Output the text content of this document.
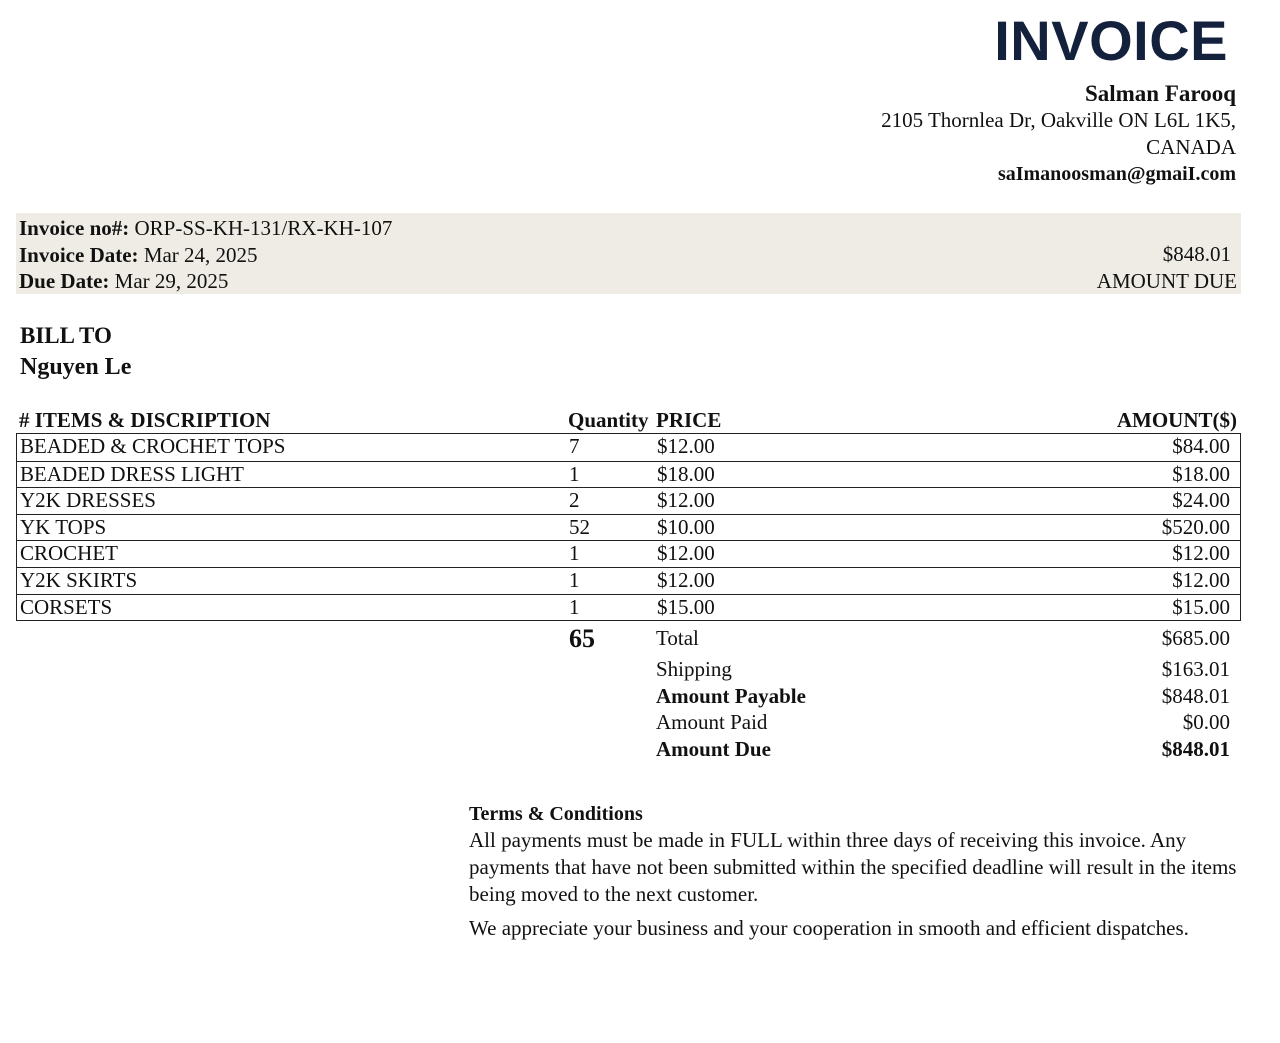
INVOICE
Salman Farooq
2105 Thornlea Dr, Oakville ON L6L 1K5,
CANADA
saImanoosman@gmaiI.com
Invoice no#: ORP-SS-KH-131/RX-KH-107
Invoice Date: Mar 24, 2025
Due Date: Mar 29, 2025
$848.01
AMOUNT DUE
BILL TO
Nguyen Le
# ITEMS & DISCRIPTION	Quantity PRICE	AMOUNT($)
BEADED & CROCHET TOPS	7	$12.00	$84.00
BEADED DRESS LIGHT	1	$18.00	$18.00
Y2K DRESSES	2	$12.00	$24.00
YK TOPS	52	$10.00	$520.00
CROCHET	1	$12.00	$12.00
Y2K SKIRTS	1	$12.00	$12.00
CORSETS	1	$15.00	$15.00
65	Total	$685.00
Shipping	$163.01
Amount Payable	$848.01
Amount Paid	$0.00
Amount Due	$848.01
Terms & Conditions

All payments must be made in FULL within three days of receiving this invoice. Any payments that have not been submitted within the specified deadline will result in the items being moved to the next customer.

We appreciate your business and your cooperation in smooth and efficient dispatches.
